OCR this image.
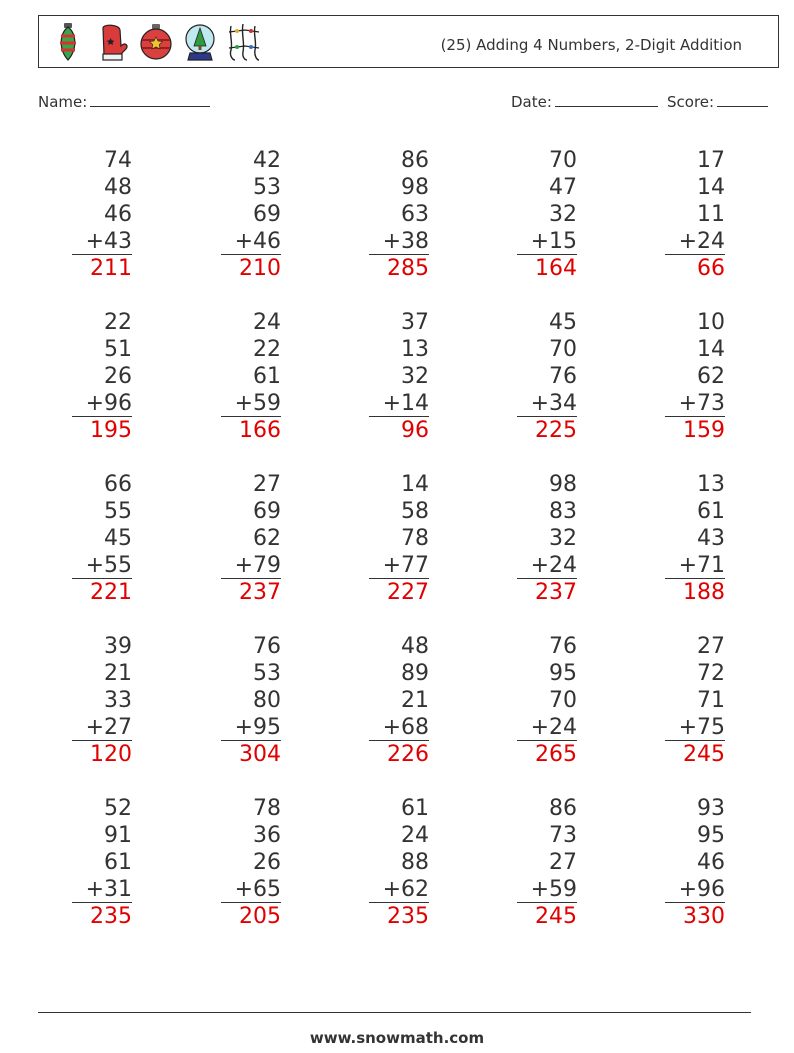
(25) Adding 4 Numbers, 2-Digit Addition
Name:	Date:	Score:
74
48
46
+43
211
42
53
69
+46
210
86
98
63
+38
285
70
47
32
+15
164
17
14
11
+24
66
22
51
26
+96
195
24
22
61
+59
166
37
13
32
+14
96
45
70
76
+34
225
10
14
62
+73
159
66
55
45
+55
221
27
69
62
+79
237
14
58
78
+77
227
98
83
32
+24
237
13
61
43
+71
188
39
21
33
+27
120
76
53
80
+95
304
48
89
21
+68
226
76
95
70
+24
265
27
72
71
+75
245
52
91
61
+31
235
78
36
26
+65
205
61
24
88
+62
235
86
73
27
+59
245
93
95
46
+96
330
www.snowmath.com
